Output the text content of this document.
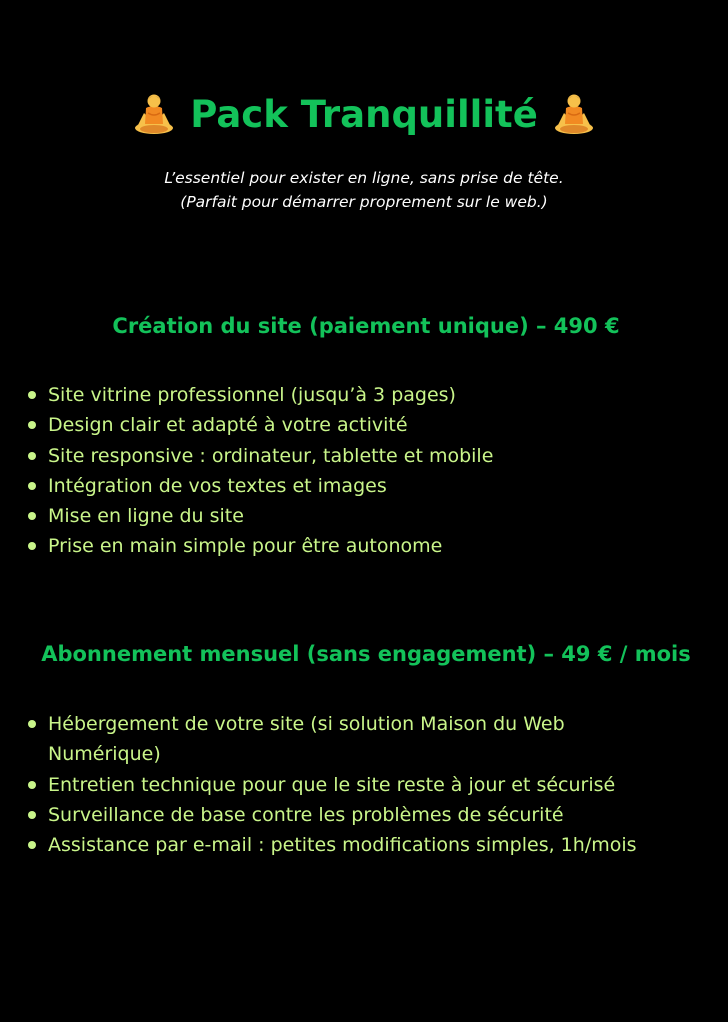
Pack Tranquillité
L’essentiel pour exister en ligne, sans prise de tête.
(Parfait pour démarrer proprement sur le web.)
Création du site (paiement unique) – 490 €
Site vitrine professionnel (jusqu’à 3 pages)
Design clair et adapté à votre activité
Site responsive : ordinateur, tablette et mobile
Intégration de vos textes et images
Mise en ligne du site
Prise en main simple pour être autonome
Abonnement mensuel (sans engagement) – 49 € / mois
Hébergement de votre site (si solution Maison du Web Numérique)
Entretien technique pour que le site reste à jour et sécurisé
Surveillance de base contre les problèmes de sécurité
Assistance par e-mail : petites modifications simples, 1h/mois
